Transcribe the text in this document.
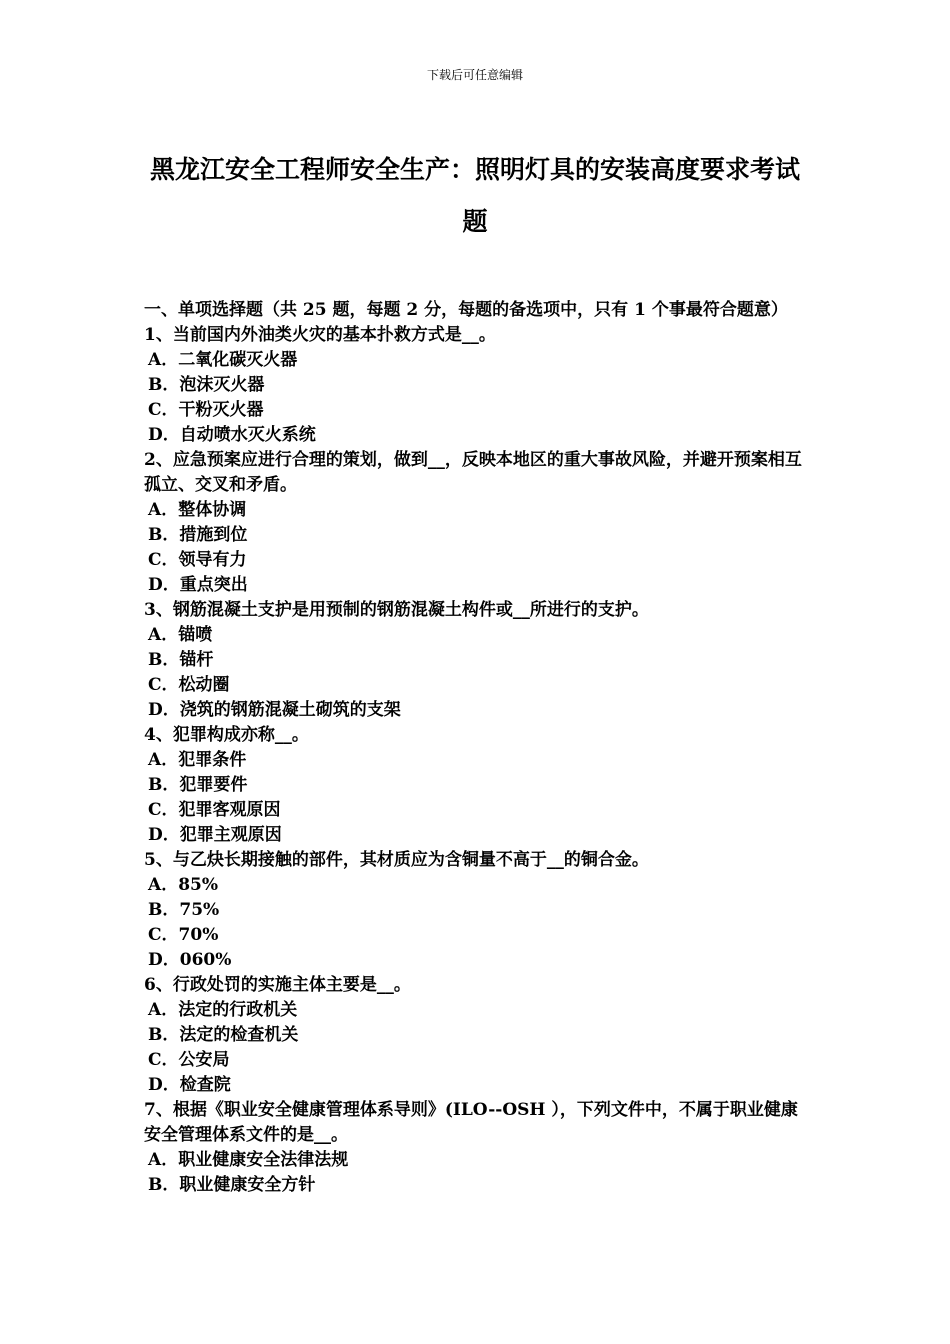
下载后可任意编辑
黑龙江安全工程师安全生产：照明灯具的安装高度要求考试题
一、单项选择题（共 25 题，每题 2 分，每题的备选项中，只有 1 个事最符合题意）
1、当前国内外油类火灾的基本扑救方式是__。
A．二氧化碳灭火器
B．泡沫灭火器
C．干粉灭火器
D．自动喷水灭火系统
2、应急预案应进行合理的策划，做到__，反映本地区的重大事故风险，并避开预案相互孤立、交叉和矛盾。
A．整体协调
B．措施到位
C．领导有力
D．重点突出
3、钢筋混凝土支护是用预制的钢筋混凝土构件或__所进行的支护。
A．锚喷
B．锚杆
C．松动圈
D．浇筑的钢筋混凝土砌筑的支架
4、犯罪构成亦称__。
A．犯罪条件
B．犯罪要件
C．犯罪客观原因
D．犯罪主观原因
5、与乙炔长期接触的部件，其材质应为含铜量不高于__的铜合金。
A．85%
B．75%
C．70%
D．060%
6、行政处罚的实施主体主要是__。
A．法定的行政机关
B．法定的检查机关
C．公安局
D．检查院
7、根据《职业安全健康管理体系导则》(ILO--OSH ），下列文件中，不属于职业健康安全管理体系文件的是__。
A．职业健康安全法律法规
B．职业健康安全方针
